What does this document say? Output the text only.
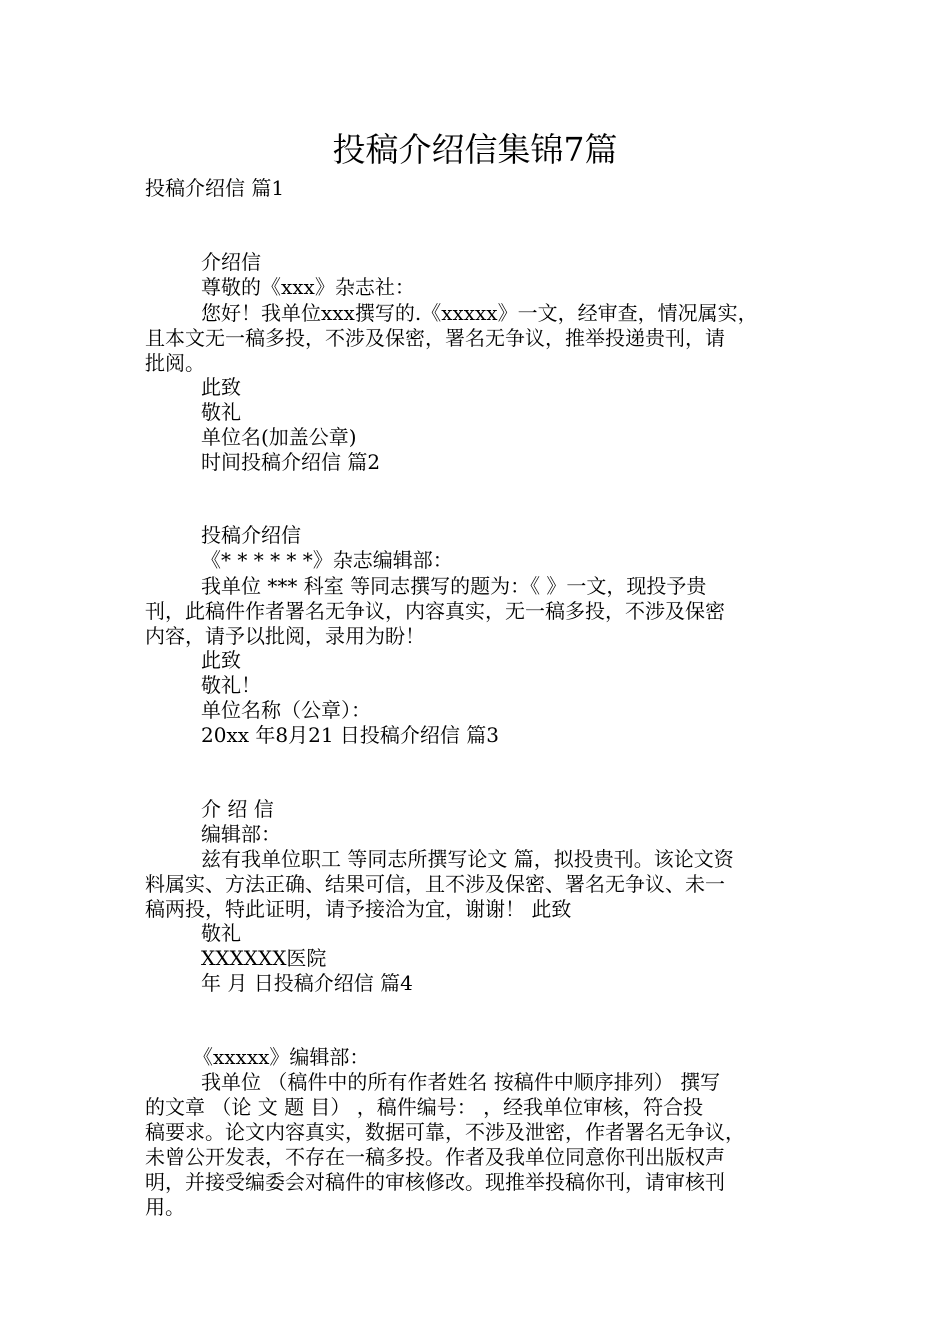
投稿介绍信集锦7篇
投稿介绍信 篇1
介绍信
尊敬的《xxx》杂志社：
您好！我单位xxx撰写的.《xxxxx》一文，经审查，情况属实，
且本文无一稿多投，不涉及保密，署名无争议，推举投递贵刊，请
批阅。
此致
敬礼
单位名(加盖公章)
时间投稿介绍信 篇2
投稿介绍信
《* * * * * *》杂志编辑部：
我单位 *** 科室 等同志撰写的题为：《 》一文，现投予贵
刊，此稿件作者署名无争议，内容真实，无一稿多投，不涉及保密
内容，请予以批阅，录用为盼！
此致
敬礼！
单位名称（公章）：
20xx 年8月21 日投稿介绍信 篇3
介 绍 信
编辑部：
兹有我单位职工 等同志所撰写论文 篇，拟投贵刊。该论文资
料属实、方法正确、结果可信，且不涉及保密、署名无争议、未一
稿两投，特此证明，请予接洽为宜，谢谢！ 此致
敬礼
XXXXXX医院
年 月 日投稿介绍信 篇4
《xxxxx》编辑部：
我单位 （稿件中的所有作者姓名 按稿件中顺序排列） 撰写
的文章 （论 文 题 目） ，稿件编号： ，经我单位审核，符合投
稿要求。论文内容真实，数据可靠，不涉及泄密，作者署名无争议，
未曾公开发表，不存在一稿多投。作者及我单位同意你刊出版权声
明，并接受编委会对稿件的审核修改。现推举投稿你刊，请审核刊
用。
